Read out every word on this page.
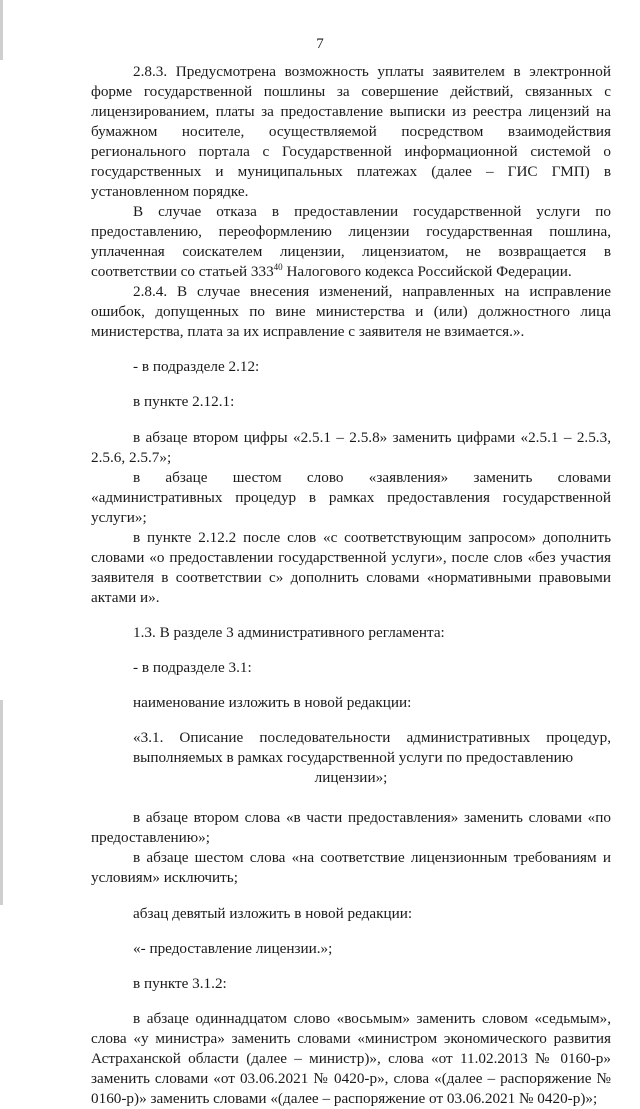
7

2.8.3. Предусмотрена возможность уплаты заявителем в электронной форме государственной пошлины за совершение действий, связанных с лицензированием, платы за предоставление выписки из реестра лицензий на бумажном носителе, осуществляемой посредством взаимодействия регионального портала с Государственной информационной системой о государственных и муниципальных платежах (далее – ГИС ГМП) в установленном порядке.

В случае отказа в предоставлении государственной услуги по предоставлению, переоформлению лицензии государственная пошлина, уплаченная соискателем лицензии, лицензиатом, не возвращается в соответствии со статьей $333^{40}$ Налогового кодекса Российской Федерации.

2.8.4. В случае внесения изменений, направленных на исправление ошибок, допущенных по вине министерства и (или) должностного лица министерства, плата за их исправление с заявителя не взимается.».

- в подразделе 2.12:

в пункте 2.12.1:

в абзаце втором цифры «2.5.1 – 2.5.8» заменить цифрами «2.5.1 – 2.5.3, 2.5.6, 2.5.7»;

в абзаце шестом слово «заявления» заменить словами «административных процедур в рамках предоставления государственной услуги»;

в пункте 2.12.2 после слов «с соответствующим запросом» дополнить словами «о предоставлении государственной услуги», после слов «без участия заявителя в соответствии с» дополнить словами «нормативными правовыми актами и».

1.3. В разделе 3 административного регламента:

- в подразделе 3.1:

наименование изложить в новой редакции:

«3.1. Описание последовательности административных процедур, выполняемых в рамках государственной услуги по предоставлению

лицензии»;

в абзаце втором слова «в части предоставления» заменить словами «по предоставлению»;

в абзаце шестом слова «на соответствие лицензионным требованиям и условиям» исключить;

абзац девятый изложить в новой редакции:

«- предоставление лицензии.»;

в пункте 3.1.2:

в абзаце одиннадцатом слово «восьмым» заменить словом «седьмым», слова «у министра» заменить словами «министром экономического развития Астраханской области (далее – министр)», слова «от 11.02.2013 № 0160-р» заменить словами «от 03.06.2021 № 0420-р», слова «(далее – распоряжение № 0160-р)» заменить словами «(далее – распоряжение от 03.06.2021 № 0420-р)»;
